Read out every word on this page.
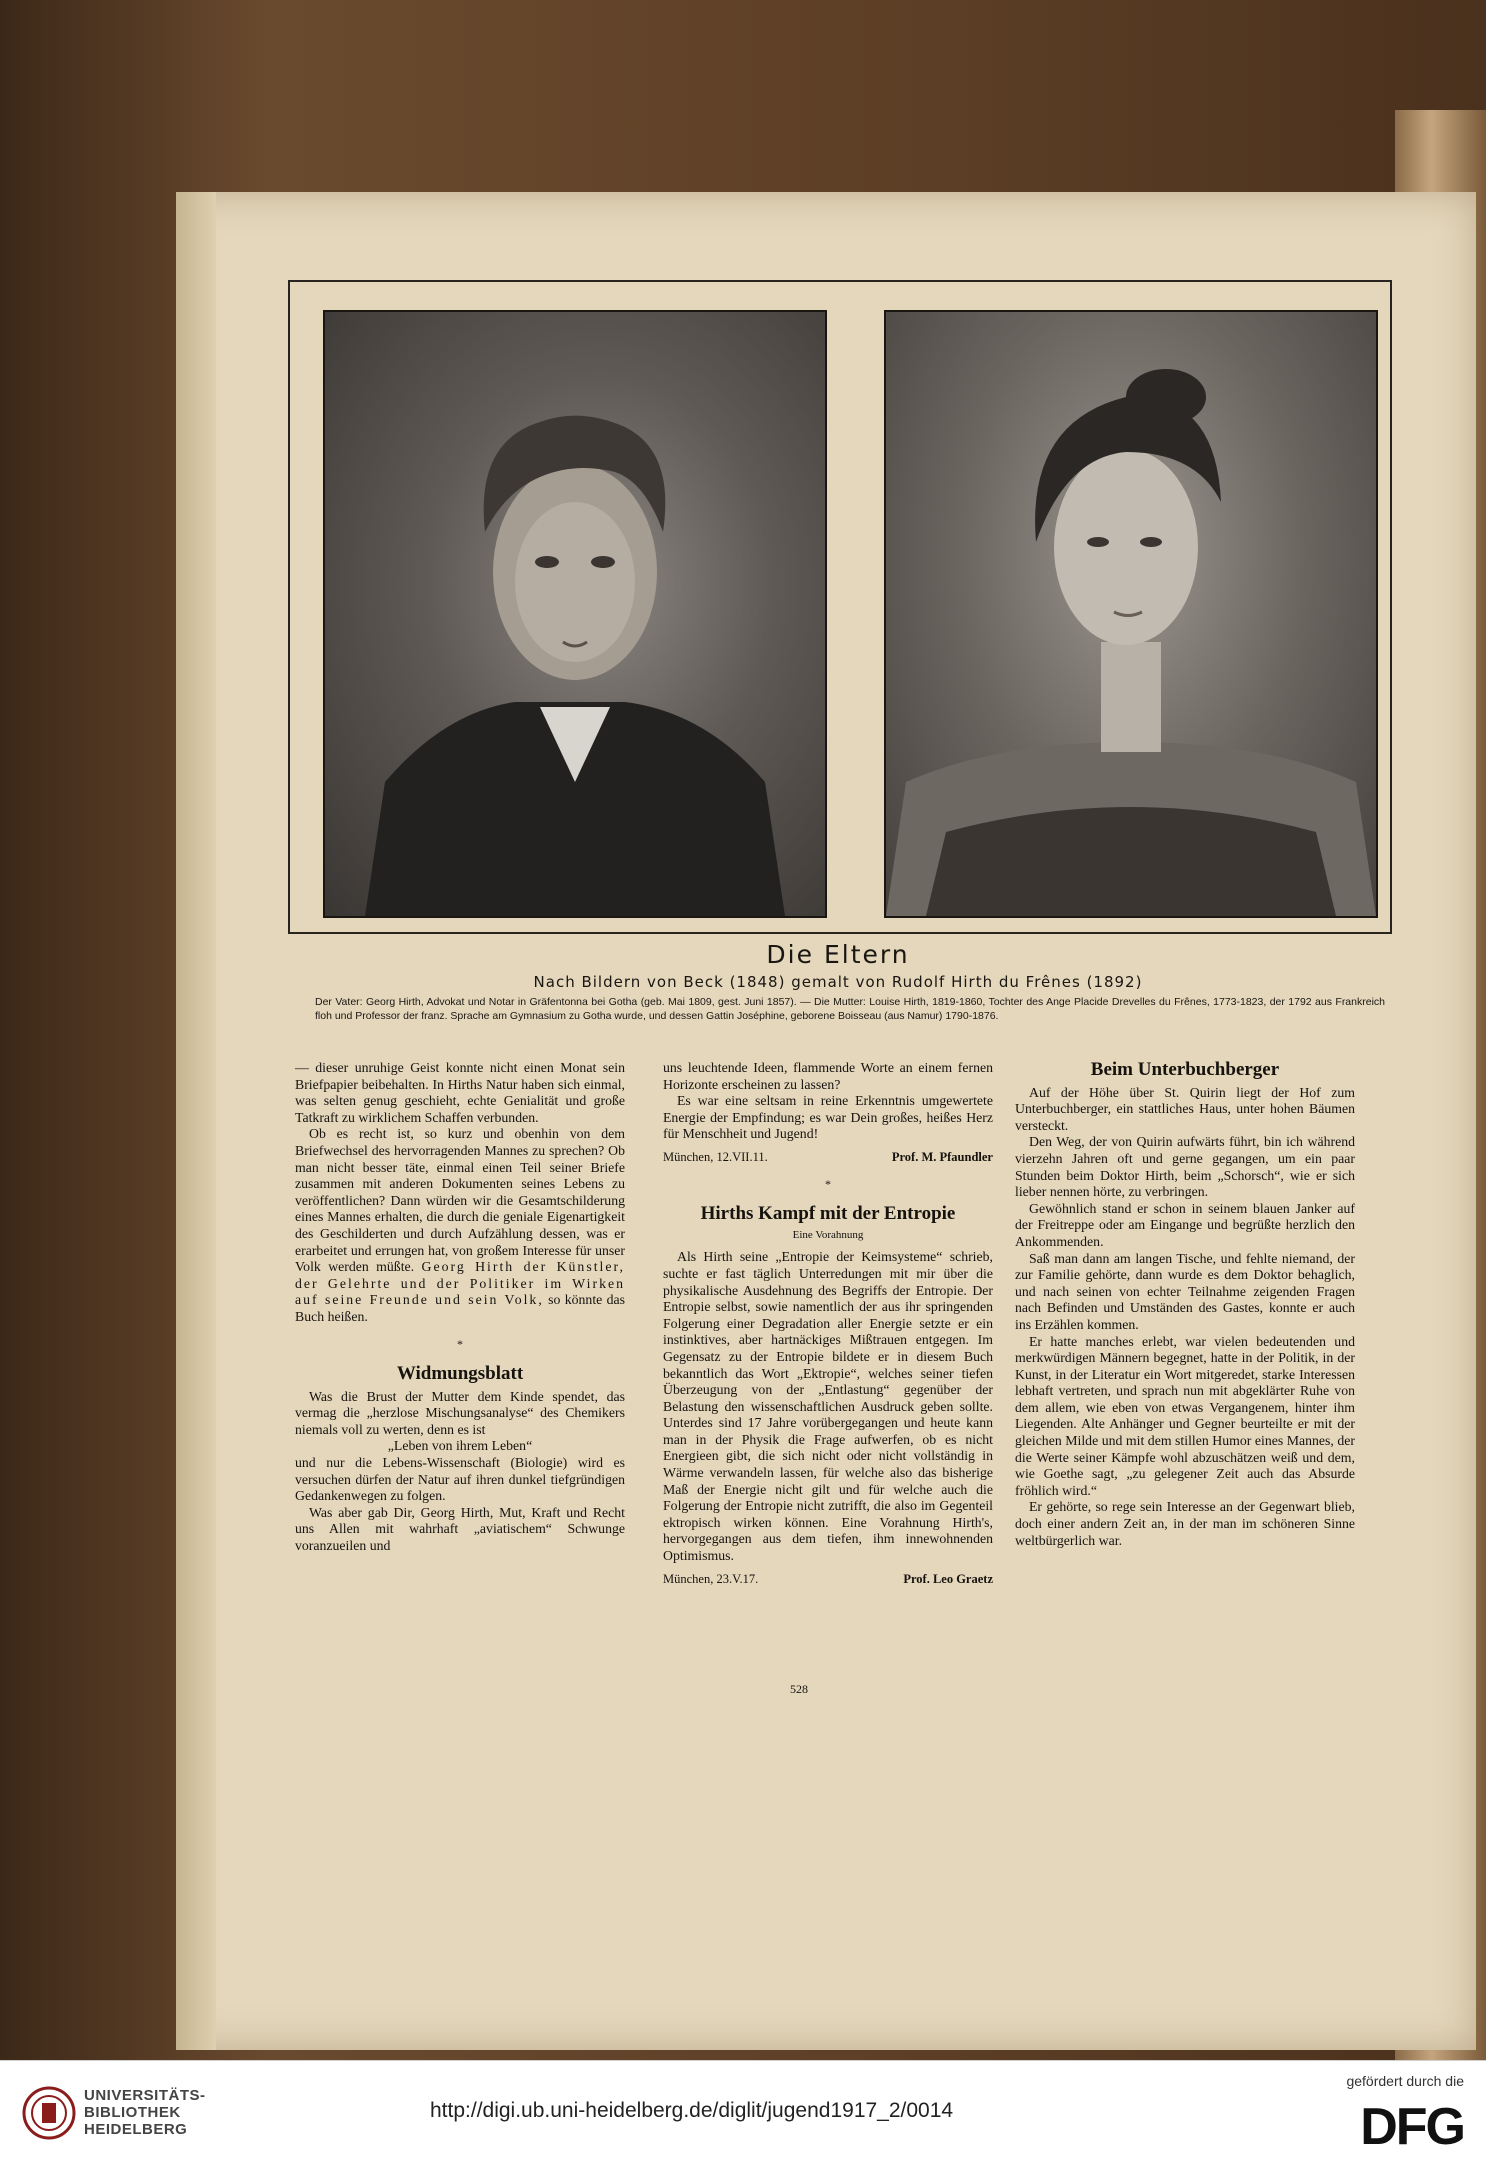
Die Eltern
Nach Bildern von Beck (1848) gemalt von Rudolf Hirth du Frênes (1892)
Der Vater: Georg Hirth, Advokat und Notar in Gräfentonna bei Gotha (geb. Mai 1809, gest. Juni 1857). — Die Mutter: Louise Hirth, 1819-1860, Tochter des Ange Placide Drevelles du Frênes, 1773-1823, der 1792 aus Frankreich floh und Professor der franz. Sprache am Gymnasium zu Gotha wurde, und dessen Gattin Joséphine, geborene Boisseau (aus Namur) 1790-1876.

— dieser unruhige Geist konnte nicht einen Monat sein Briefpapier beibehalten. In Hirths Natur haben sich einmal, was selten genug geschieht, echte Genialität und große Tatkraft zu wirklichem Schaffen verbunden.

Ob es recht ist, so kurz und obenhin von dem Briefwechsel des hervorragenden Mannes zu sprechen? Ob man nicht besser täte, einmal einen Teil seiner Briefe zusammen mit anderen Dokumenten seines Lebens zu veröffentlichen? Dann würden wir die Gesamtschilderung eines Mannes erhalten, die durch die geniale Eigenartigkeit des Geschilderten und durch Aufzählung dessen, was er erarbeitet und errungen hat, von großem Interesse für unser Volk werden müßte. Georg Hirth der Künstler, der Gelehrte und der Politiker im Wirken auf seine Freunde und sein Volk, so könnte das Buch heißen.

*
Widmungsblatt

Was die Brust der Mutter dem Kinde spendet, das vermag die „herzlose Mischungsanalyse“ des Chemikers niemals voll zu werten, denn es ist

„Leben von ihrem Leben“

und nur die Lebens-Wissenschaft (Biologie) wird es versuchen dürfen der Natur auf ihren dunkel tiefgründigen Gedankenwegen zu folgen.

Was aber gab Dir, Georg Hirth, Mut, Kraft und Recht uns Allen mit wahrhaft „aviatischem“ Schwunge voranzueilen und

uns leuchtende Ideen, flammende Worte an einem fernen Horizonte erscheinen zu lassen?

Es war eine seltsam in reine Erkenntnis umgewertete Energie der Empfindung; es war Dein großes, heißes Herz für Menschheit und Jugend!

München, 12.VII.11.	Prof. M. Pfaundler
*
Hirths Kampf mit der Entropie
Eine Vorahnung

Als Hirth seine „Entropie der Keimsysteme“ schrieb, suchte er fast täglich Unterredungen mit mir über die physikalische Ausdehnung des Begriffs der Entropie. Der Entropie selbst, sowie namentlich der aus ihr springenden Folgerung einer Degradation aller Energie setzte er ein instinktives, aber hartnäckiges Mißtrauen entgegen. Im Gegensatz zu der Entropie bildete er in diesem Buch bekanntlich das Wort „Ektropie“, welches seiner tiefen Überzeugung von der „Entlastung“ gegenüber der Belastung den wissenschaftlichen Ausdruck geben sollte. Unterdes sind 17 Jahre vorübergegangen und heute kann man in der Physik die Frage aufwerfen, ob es nicht Energieen gibt, die sich nicht oder nicht vollständig in Wärme verwandeln lassen, für welche also das bisherige Maß der Energie nicht gilt und für welche auch die Folgerung der Entropie nicht zutrifft, die also im Gegenteil ektropisch wirken können. Eine Vorahnung Hirth's, hervorgegangen aus dem tiefen, ihm innewohnenden Optimismus.

München, 23.V.17.	Prof. Leo Graetz
Beim Unterbuchberger

Auf der Höhe über St. Quirin liegt der Hof zum Unterbuchberger, ein stattliches Haus, unter hohen Bäumen versteckt.

Den Weg, der von Quirin aufwärts führt, bin ich während vierzehn Jahren oft und gerne gegangen, um ein paar Stunden beim Doktor Hirth, beim „Schorsch“, wie er sich lieber nennen hörte, zu verbringen.

Gewöhnlich stand er schon in seinem blauen Janker auf der Freitreppe oder am Eingange und begrüßte herzlich den Ankommenden.

Saß man dann am langen Tische, und fehlte niemand, der zur Familie gehörte, dann wurde es dem Doktor behaglich, und nach seinen von echter Teilnahme zeigenden Fragen nach Befinden und Umständen des Gastes, konnte er auch ins Erzählen kommen.

Er hatte manches erlebt, war vielen bedeutenden und merkwürdigen Männern begegnet, hatte in der Politik, in der Kunst, in der Literatur ein Wort mitgeredet, starke Interessen lebhaft vertreten, und sprach nun mit abgeklärter Ruhe von dem allem, wie eben von etwas Vergangenem, hinter ihm Liegenden. Alte Anhänger und Gegner beurteilte er mit der gleichen Milde und mit dem stillen Humor eines Mannes, der die Werte seiner Kämpfe wohl abzuschätzen weiß und dem, wie Goethe sagt, „zu gelegener Zeit auch das Absurde fröhlich wird.“

Er gehörte, so rege sein Interesse an der Gegenwart blieb, doch einer andern Zeit an, in der man im schöneren Sinne weltbürgerlich war.

528
UNIVERSITÄTS-
BIBLIOTHEK
HEIDELBERG
http://digi.ub.uni-heidelberg.de/diglit/jugend1917_2/0014
gefördert durch die
DFG
